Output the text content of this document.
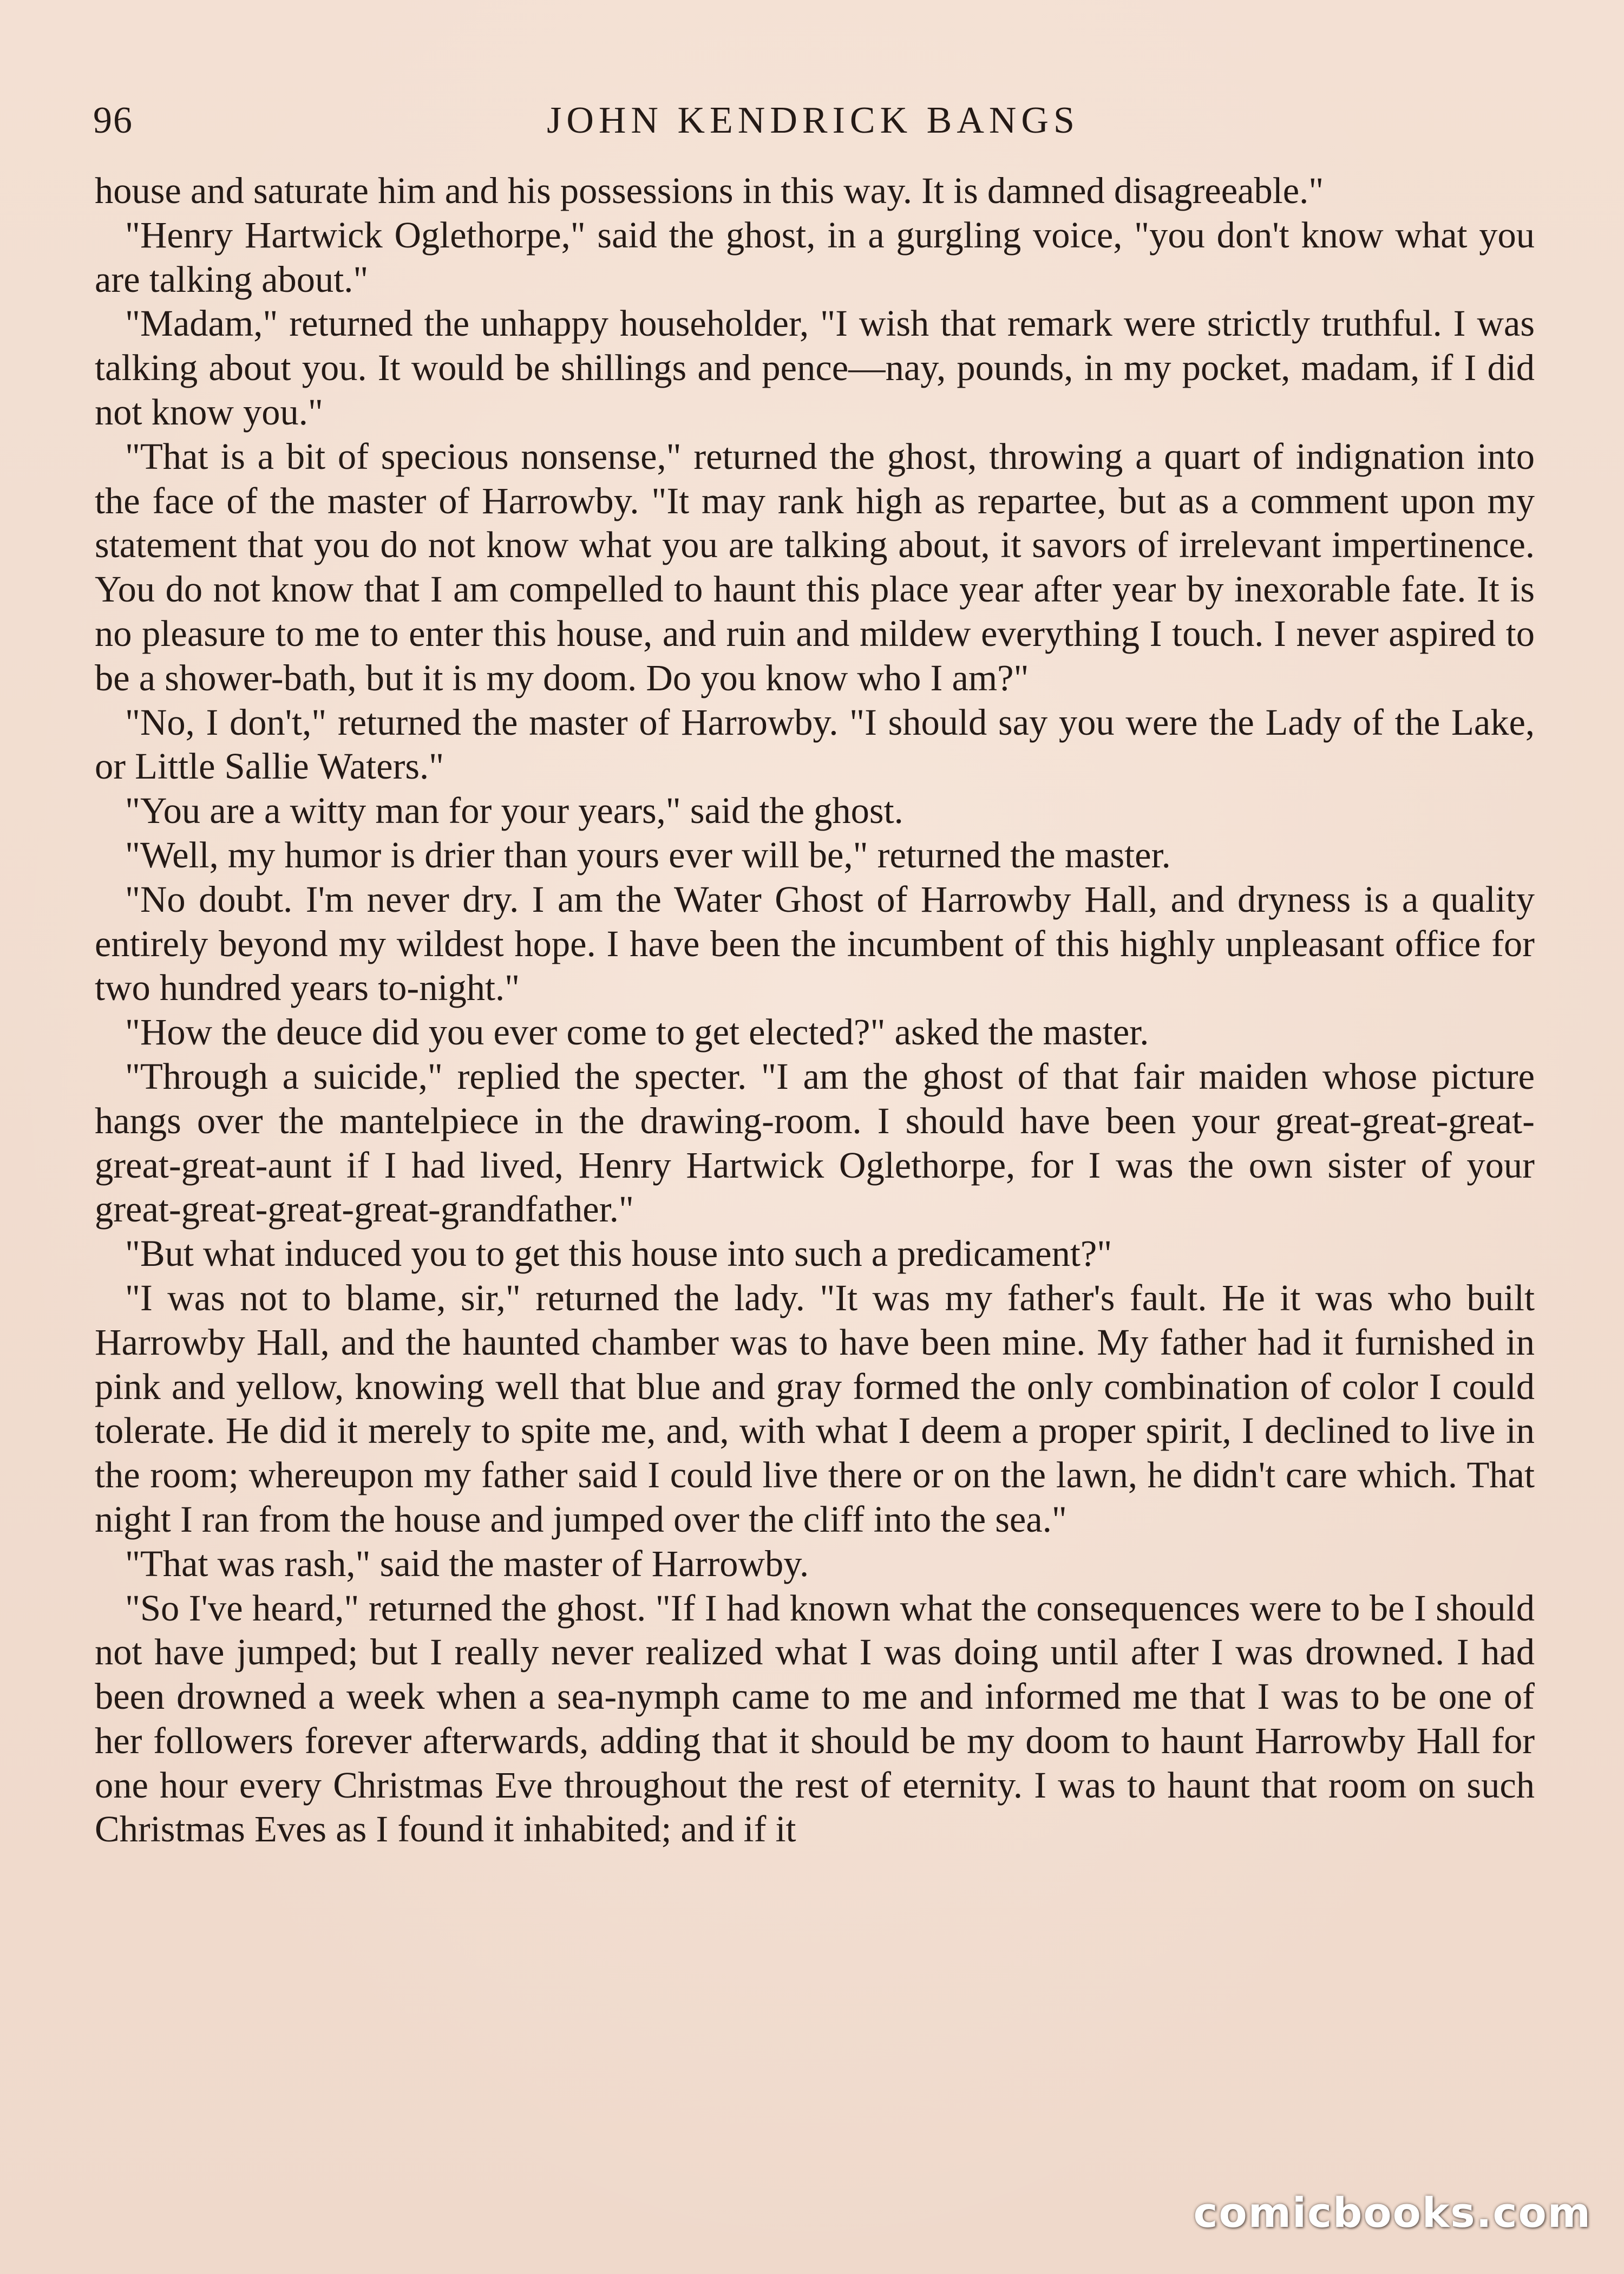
96	JOHN KENDRICK BANGS

house and saturate him and his possessions in this way. It is damned disagreeable."

"Henry Hartwick Oglethorpe," said the ghost, in a gurgling voice, "you don't know what you are talking about."

"Madam," returned the unhappy householder, "I wish that remark were strictly truthful. I was talking about you. It would be shillings and pence—nay, pounds, in my pocket, madam, if I did not know you."

"That is a bit of specious nonsense," returned the ghost, throwing a quart of indignation into the face of the master of Harrowby. "It may rank high as repartee, but as a comment upon my statement that you do not know what you are talking about, it savors of irrelevant impertinence. You do not know that I am compelled to haunt this place year after year by inexorable fate. It is no pleasure to me to enter this house, and ruin and mildew everything I touch. I never aspired to be a shower-bath, but it is my doom. Do you know who I am?"

"No, I don't," returned the master of Harrowby. "I should say you were the Lady of the Lake, or Little Sallie Waters."

"You are a witty man for your years," said the ghost.

"Well, my humor is drier than yours ever will be," returned the master.

"No doubt. I'm never dry. I am the Water Ghost of Harrowby Hall, and dryness is a quality entirely beyond my wildest hope. I have been the incumbent of this highly unpleasant office for two hundred years to-night."

"How the deuce did you ever come to get elected?" asked the master.

"Through a suicide," replied the specter. "I am the ghost of that fair maiden whose picture hangs over the mantelpiece in the drawing-room. I should have been your great-great-great-great-great-aunt if I had lived, Henry Hartwick Oglethorpe, for I was the own sister of your great-great-great-great-grandfather."

"But what induced you to get this house into such a predicament?"

"I was not to blame, sir," returned the lady. "It was my father's fault. He it was who built Harrowby Hall, and the haunted chamber was to have been mine. My father had it furnished in pink and yellow, knowing well that blue and gray formed the only combination of color I could tolerate. He did it merely to spite me, and, with what I deem a proper spirit, I declined to live in the room; whereupon my father said I could live there or on the lawn, he didn't care which. That night I ran from the house and jumped over the cliff into the sea."

"That was rash," said the master of Harrowby.

"So I've heard," returned the ghost. "If I had known what the consequences were to be I should not have jumped; but I really never realized what I was doing until after I was drowned. I had been drowned a week when a sea-nymph came to me and informed me that I was to be one of her followers forever afterwards, adding that it should be my doom to haunt Harrowby Hall for one hour every Christmas Eve throughout the rest of eternity. I was to haunt that room on such Christmas Eves as I found it inhabited; and if it

comicbooks.com
